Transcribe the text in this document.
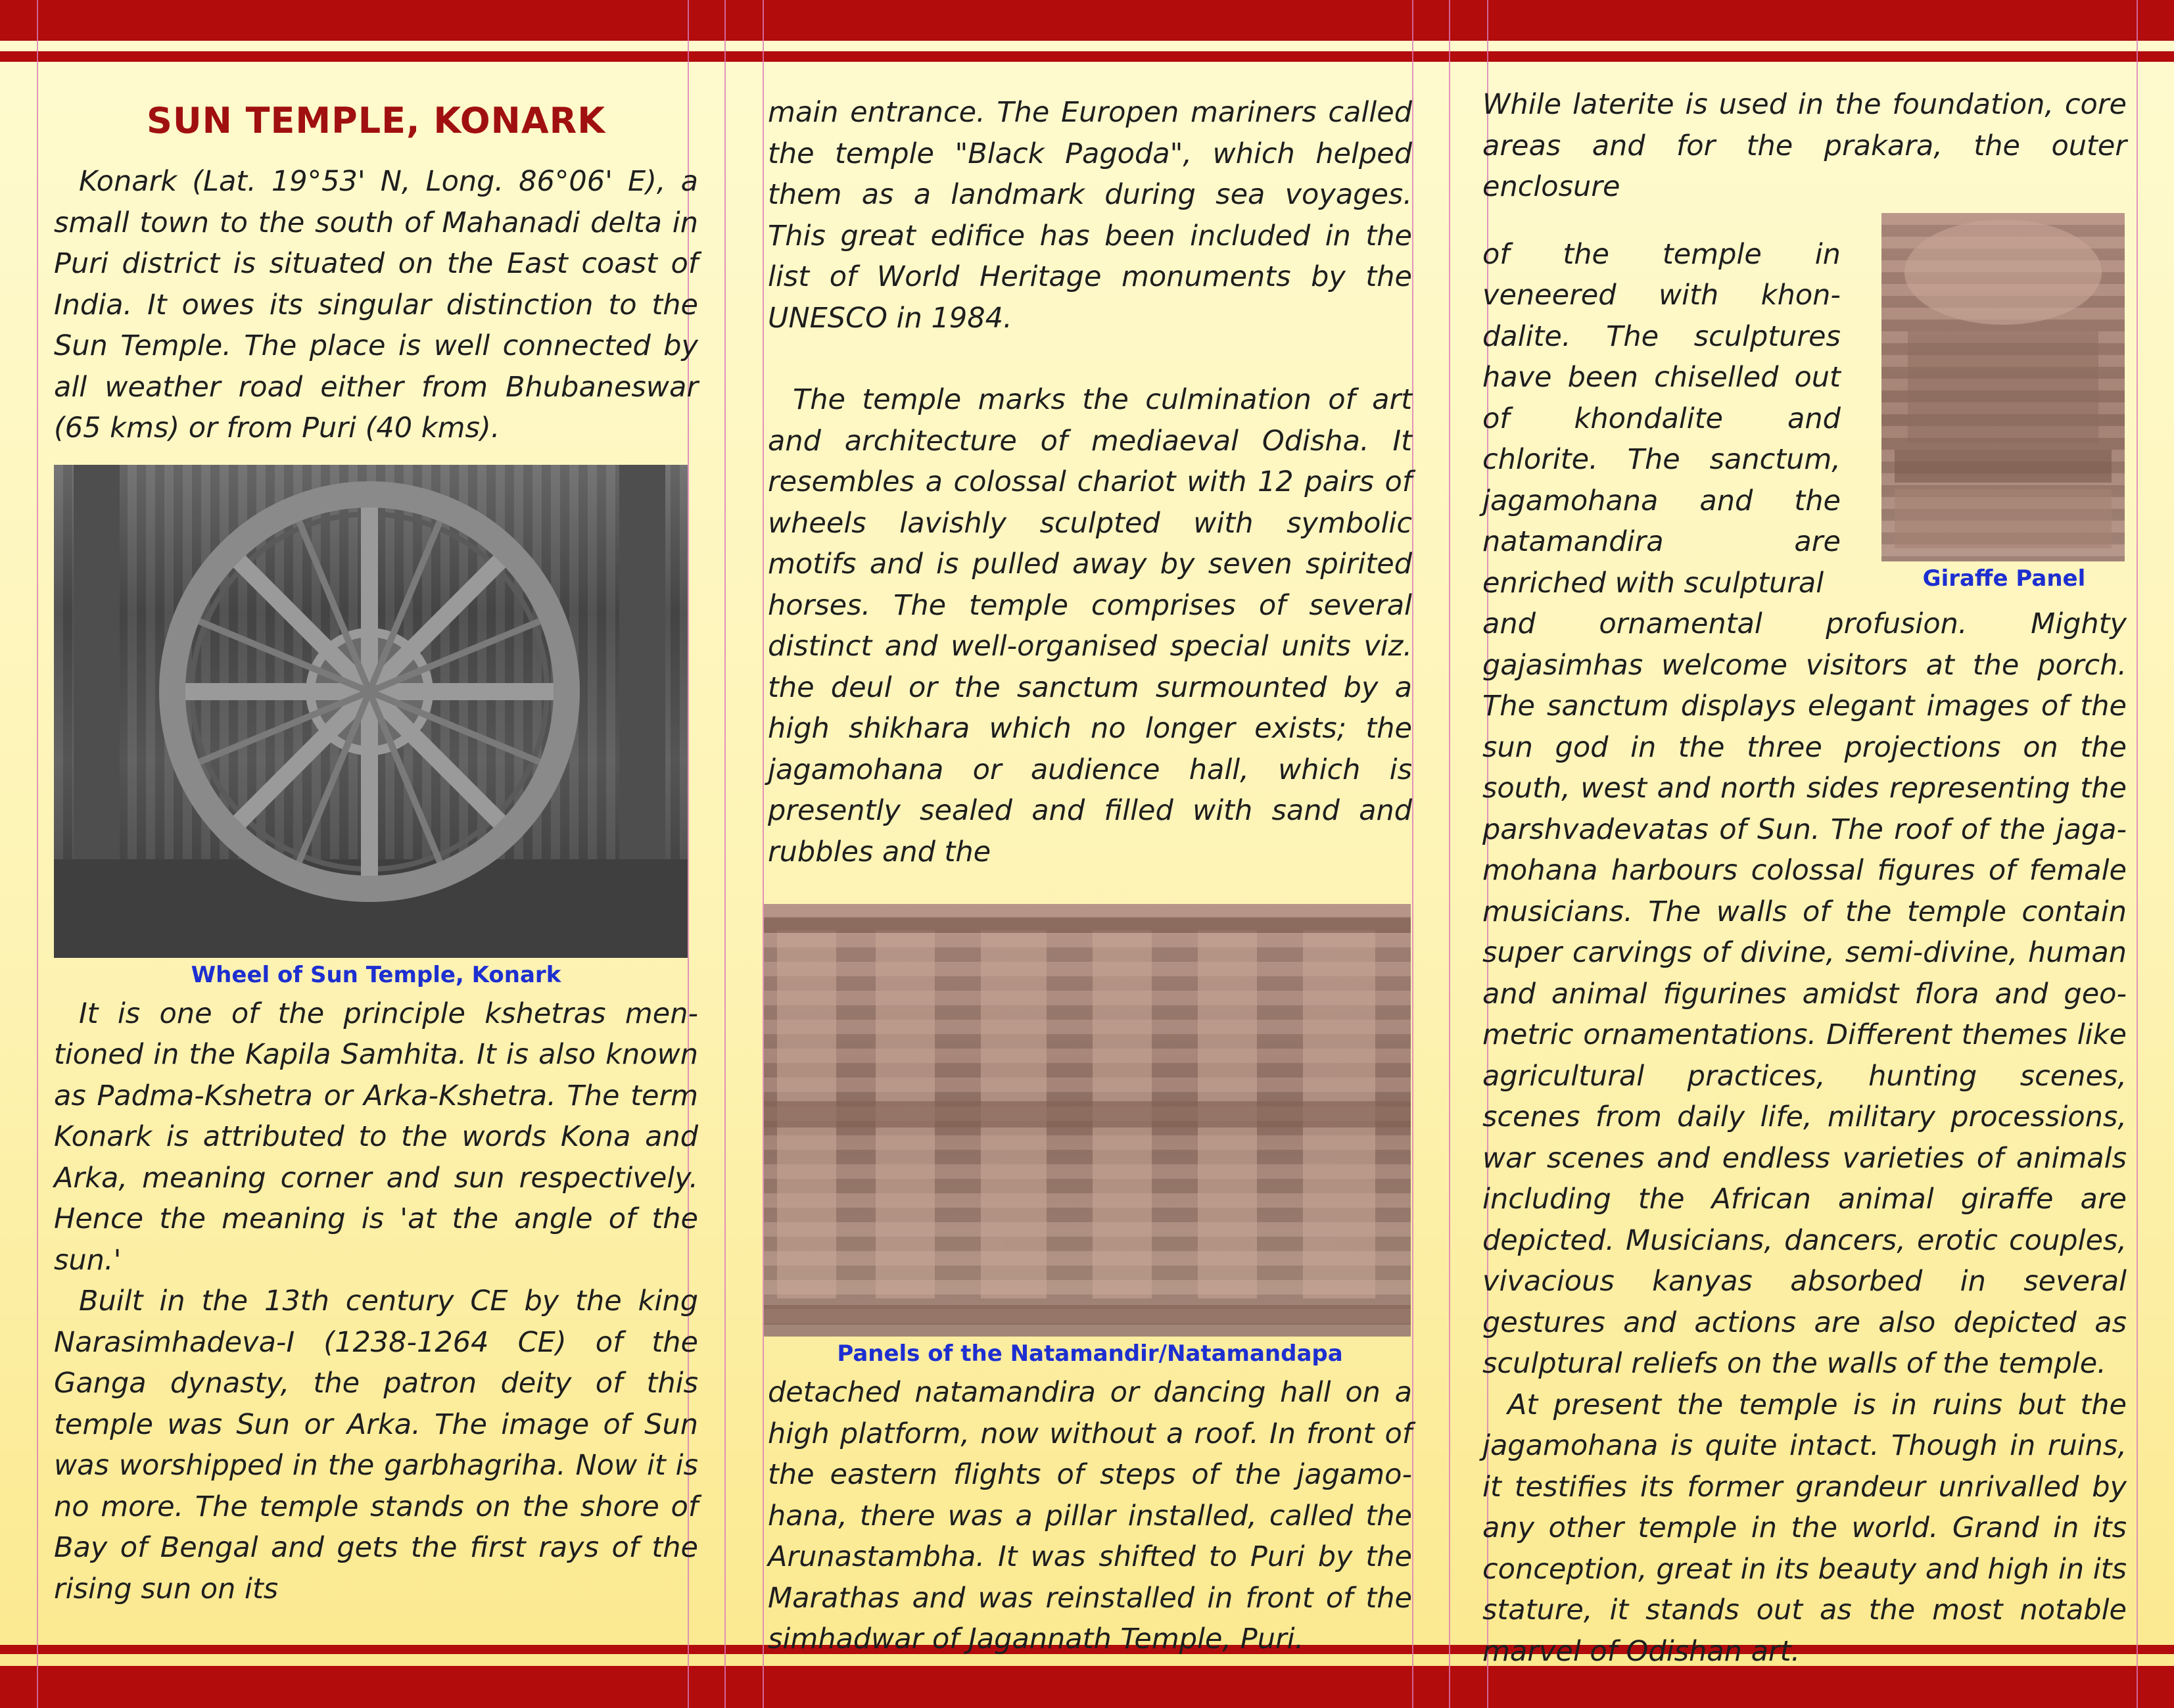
SUN TEMPLE, KONARK

Konark (Lat. 19°53' N, Long. 86°06' E), a small town to the south of Mahanadi delta in Puri district is situated on the East coast of India. It owes its singular distinction to the Sun Temple. The place is well connected by all weather road either from Bhubaneswar (65 kms) or from Puri (40 kms).

Wheel of Sun Temple, Konark

It is one of the principle kshetras men-tioned in the Kapila Samhita. It is also known as Padma-Kshetra or Arka-Kshetra. The term Konark is attributed to the words Kona and Arka, meaning corner and sun respectively. Hence the meaning is 'at the angle of the sun.'

Built in the 13th century CE by the king Narasimhadeva-I (1238-1264 CE) of the Ganga dynasty, the patron deity of this temple was Sun or Arka. The image of Sun was worshipped in the garbhagriha. Now it is no more. The temple stands on the shore of Bay of Bengal and gets the first rays of the rising sun on its

main entrance. The Europen mariners called the temple "Black Pagoda", which helped them as a landmark during sea voyages. This great edifice has been included in the list of World Heritage monuments by the UNESCO in 1984.

The temple marks the culmination of art and architecture of mediaeval Odisha. It resembles a colossal chariot with 12 pairs of wheels lavishly sculpted with symbolic motifs and is pulled away by seven spirited horses. The temple comprises of several distinct and well-organised special units viz. the deul or the sanctum surmounted by a high shikhara which no longer exists; the jagamohana or audience hall, which is presently sealed and filled with sand and rubbles and the

Panels of the Natamandir/Natamandapa

detached natamandira or dancing hall on a high platform, now without a roof. In front of the eastern flights of steps of the jagamo-hana, there was a pillar installed, called the Arunastambha. It was shifted to Puri by the Marathas and was reinstalled in front of the simhadwar of Jagannath Temple, Puri.

While laterite is used in the foundation, core areas and for the prakara, the outer enclosure

of the temple in veneered with khon-dalite. The sculptures have been chiselled out of khondalite and chlorite. The sanctum, jagamohana and the natamandira are enriched with sculptural	Giraffe Panel

and ornamental profusion. Mighty gajasimhas welcome visitors at the porch. The sanctum displays elegant images of the sun god in the three projections on the south, west and north sides representing the parshvadevatas of Sun. The roof of the jaga-mohana harbours colossal figures of female musicians. The walls of the temple contain super carvings of divine, semi-divine, human and animal figurines amidst flora and geo-metric ornamentations. Different themes like agricultural practices, hunting scenes, scenes from daily life, military processions, war scenes and endless varieties of animals including the African animal giraffe are depicted. Musicians, dancers, erotic couples, vivacious kanyas absorbed in several gestures and actions are also depicted as sculptural reliefs on the walls of the temple.

At present the temple is in ruins but the jagamohana is quite intact. Though in ruins, it testifies its former grandeur unrivalled by any other temple in the world. Grand in its conception, great in its beauty and high in its stature, it stands out as the most notable marvel of Odishan art.
